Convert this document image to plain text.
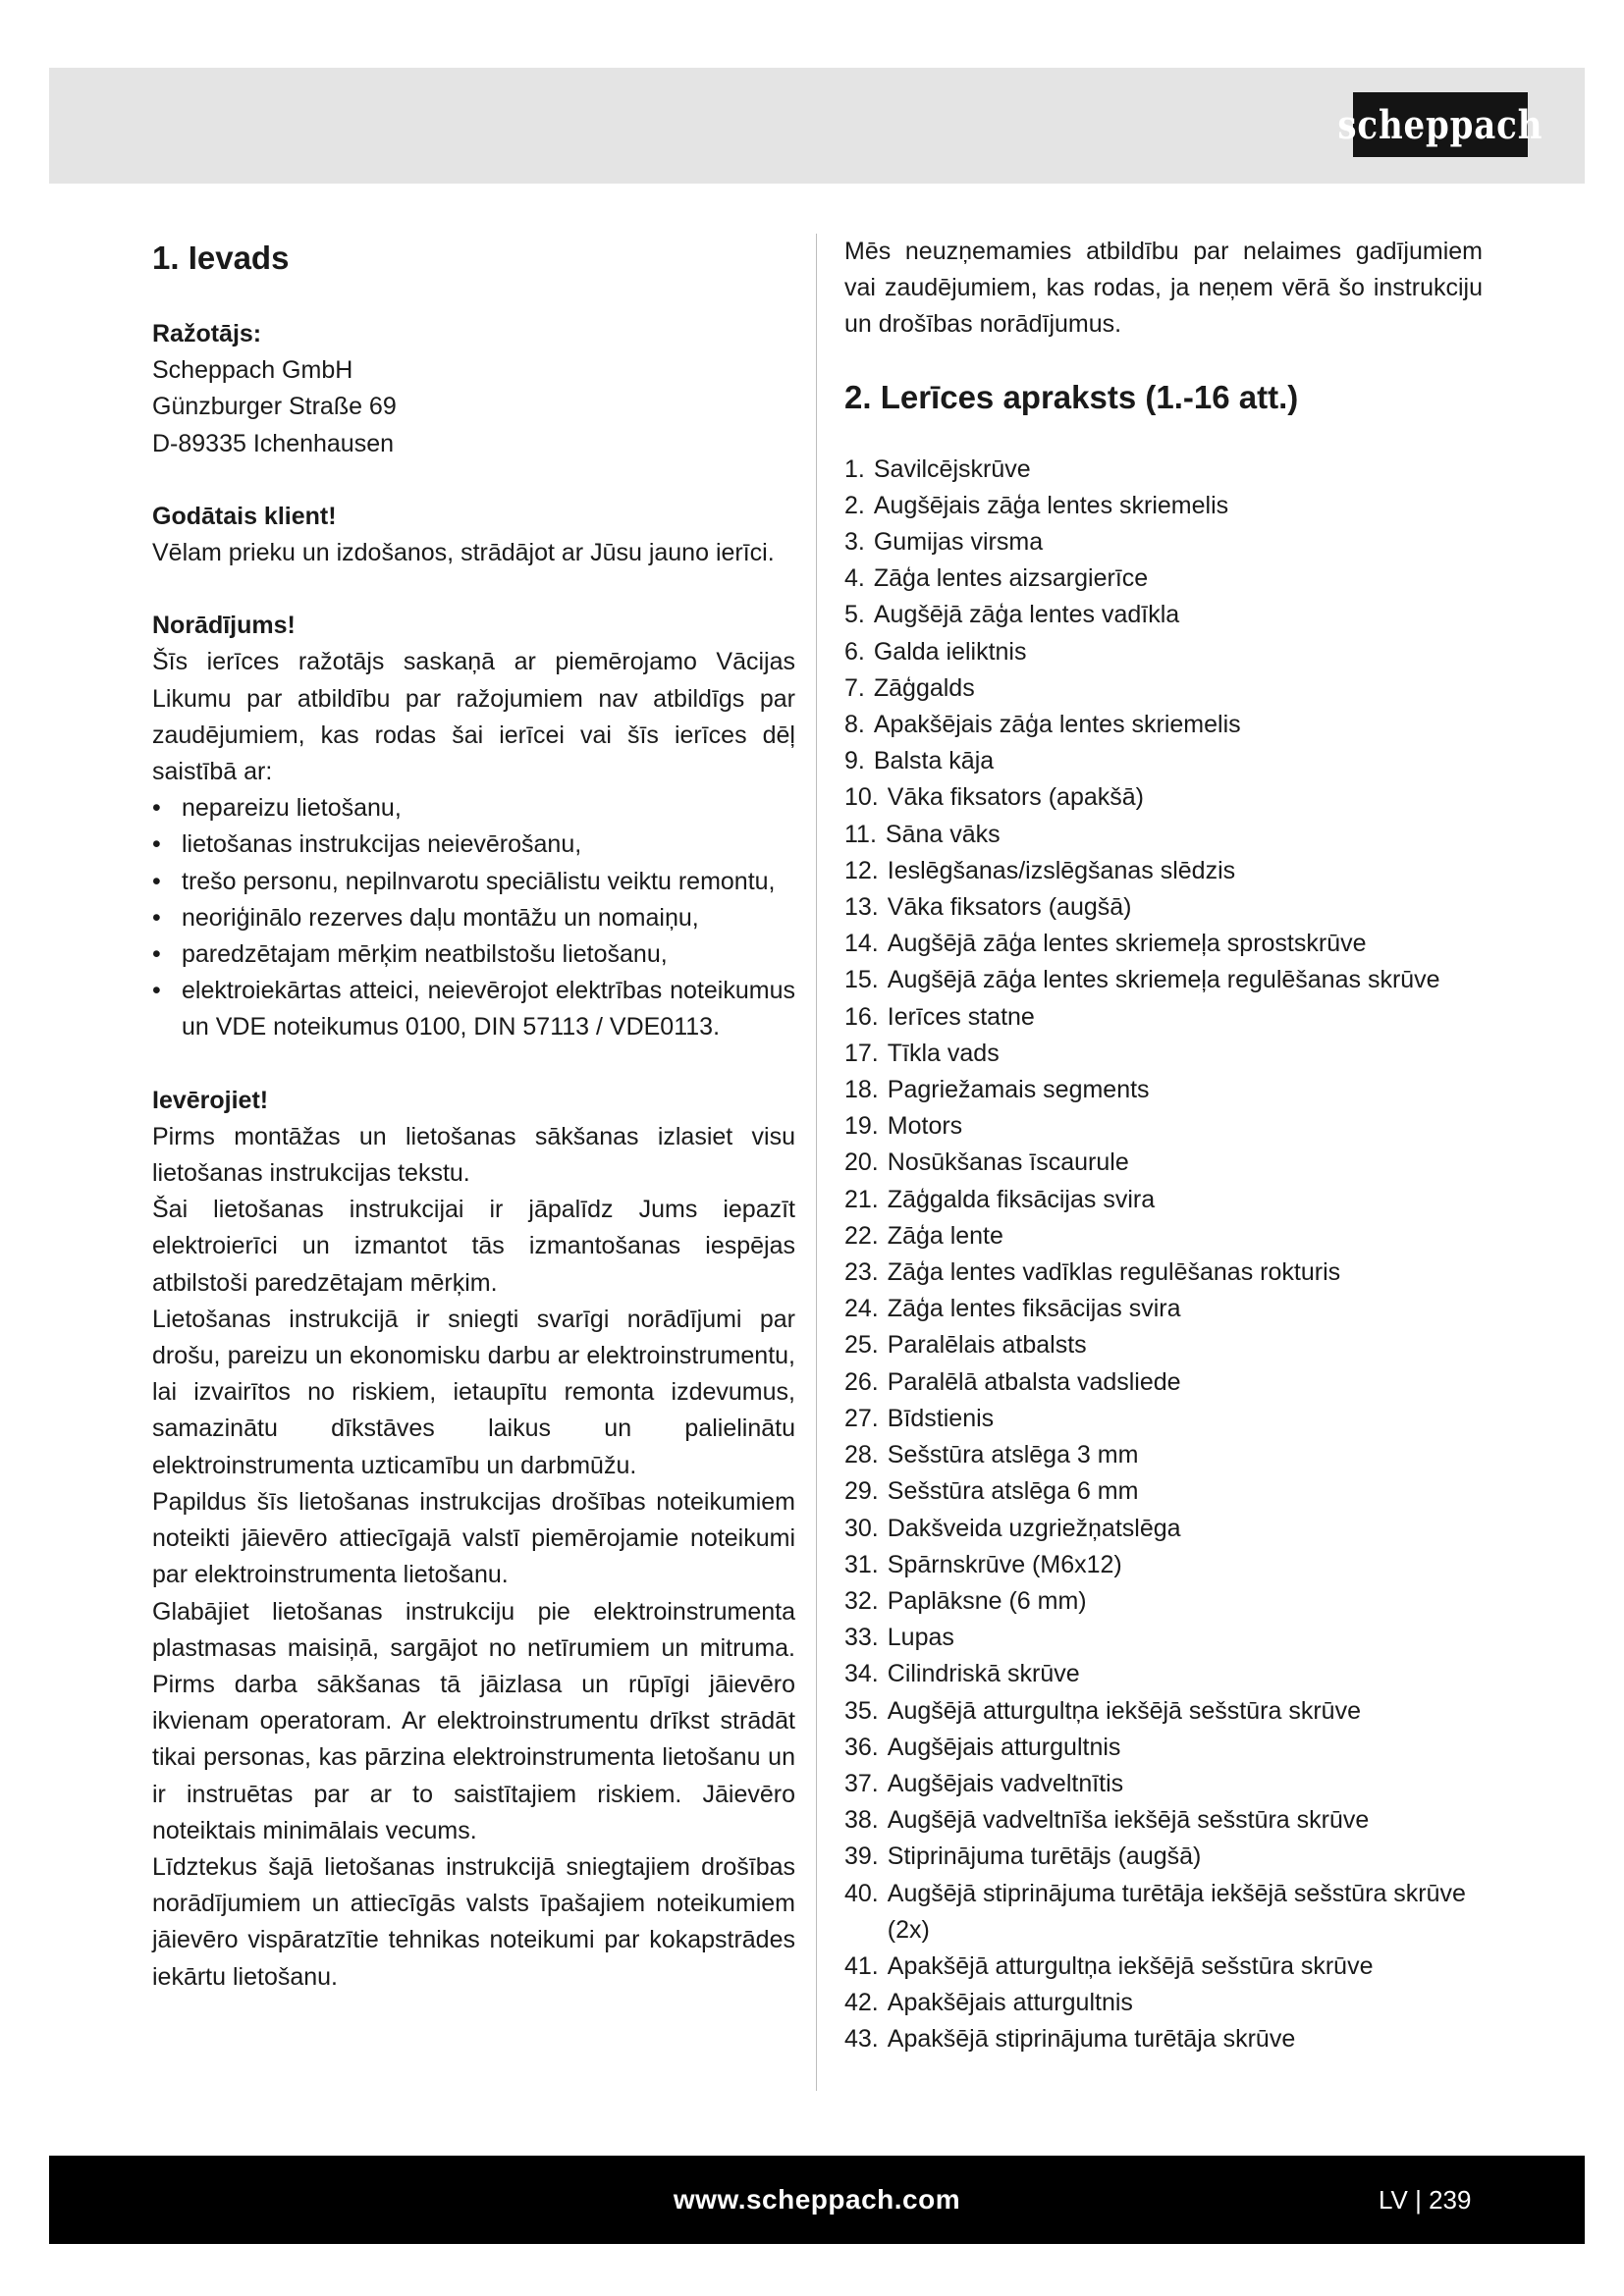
scheppach
1. Ievads
Ražotājs:

Scheppach GmbH

Günzburger Straße 69

D-89335 Ichenhausen

Godātais klient!

Vēlam prieku un izdošanos, strādājot ar Jūsu jauno ierīci.

Norādījums!

Šīs ierīces ražotājs saskaņā ar piemērojamo Vācijas Likumu par atbildību par ražojumiem nav atbildīgs par zaudējumiem, kas rodas šai ierīcei vai šīs ierīces dēļ saistībā ar:

• nepareizu lietošanu,
• lietošanas instrukcijas neievērošanu,
• trešo personu, nepilnvarotu speciālistu veiktu remontu,
• neoriģinālo rezerves daļu montāžu un nomaiņu,
• paredzētajam mērķim neatbilstošu lietošanu,
• elektroiekārtas atteici, neievērojot elektrības noteikumus un VDE noteikumus 0100, DIN 57113 / VDE0113.
Ievērojiet!

Pirms montāžas un lietošanas sākšanas izlasiet visu lietošanas instrukcijas tekstu.

Šai lietošanas instrukcijai ir jāpalīdz Jums iepazīt elektroierīci un izmantot tās izmantošanas iespējas atbilstoši paredzētajam mērķim.

Lietošanas instrukcijā ir sniegti svarīgi norādījumi par drošu, pareizu un ekonomisku darbu ar elektroinstrumentu, lai izvairītos no riskiem, ietaupītu remonta izdevumus, samazinātu dīkstāves laikus un palielinātu elektroinstrumenta uzticamību un darbmūžu.

Papildus šīs lietošanas instrukcijas drošības noteikumiem noteikti jāievēro attiecīgajā valstī piemērojamie noteikumi par elektroinstrumenta lietošanu.

Glabājiet lietošanas instrukciju pie elektroinstrumenta plastmasas maisiņā, sargājot no netīrumiem un mitruma. Pirms darba sākšanas tā jāizlasa un rūpīgi jāievēro ikvienam operatoram. Ar elektroinstrumentu drīkst strādāt tikai personas, kas pārzina elektroinstrumenta lietošanu un ir instruētas par ar to saistītajiem riskiem. Jāievēro noteiktais minimālais vecums.

Līdztekus šajā lietošanas instrukcijā sniegtajiem drošības norādījumiem un attiecīgās valsts īpašajiem noteikumiem jāievēro vispāratzītie tehnikas noteikumi par kokapstrādes iekārtu lietošanu.

Mēs neuzņemamies atbildību par nelaimes gadījumiem vai zaudējumiem, kas rodas, ja neņem vērā šo instrukciju un drošības norādījumus.

2. Lerīces apraksts (1.-16 att.)
1. Savilcējskrūve
2. Augšējais zāģa lentes skriemelis
3. Gumijas virsma
4. Zāģa lentes aizsargierīce
5. Augšējā zāģa lentes vadīkla
6. Galda ieliktnis
7. Zāģgalds
8. Apakšējais zāģa lentes skriemelis
9. Balsta kāja
10. Vāka fiksators (apakšā)
11. Sāna vāks
12. Ieslēgšanas/izslēgšanas slēdzis
13. Vāka fiksators (augšā)
14. Augšējā zāģa lentes skriemeļa sprostskrūve
15. Augšējā zāģa lentes skriemeļa regulēšanas skrūve
16. Ierīces statne
17. Tīkla vads
18. Pagriežamais segments
19. Motors
20. Nosūkšanas īscaurule
21. Zāģgalda fiksācijas svira
22. Zāģa lente
23. Zāģa lentes vadīklas regulēšanas rokturis
24. Zāģa lentes fiksācijas svira
25. Paralēlais atbalsts
26. Paralēlā atbalsta vadsliede
27. Bīdstienis
28. Sešstūra atslēga 3 mm
29. Sešstūra atslēga 6 mm
30. Dakšveida uzgriežņatslēga
31. Spārnskrūve (M6x12)
32. Paplāksne (6 mm)
33. Lupas
34. Cilindriskā skrūve
35. Augšējā atturgultņa iekšējā sešstūra skrūve
36. Augšējais atturgultnis
37. Augšējais vadveltnītis
38. Augšējā vadveltnīša iekšējā sešstūra skrūve
39. Stiprinājuma turētājs (augšā)
40. Augšējā stiprinājuma turētāja iekšējā sešstūra skrūve (2x)
41. Apakšējā atturgultņa iekšējā sešstūra skrūve
42. Apakšējais atturgultnis
43. Apakšējā stiprinājuma turētāja skrūve
www.scheppach.com	LV | 239
